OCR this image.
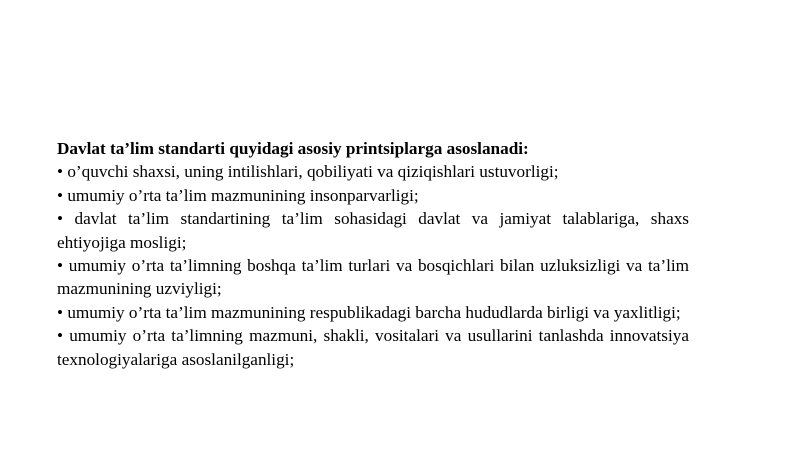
Davlat ta’lim standarti quyidagi asosiy printsiplarga asoslanadi:

• o’quvchi shaxsi, uning intilishlari, qobiliyati va qiziqishlari ustuvorligi;

• umumiy o’rta ta’lim mazmunining insonparvarligi;

• davlat ta’lim standartining ta’lim sohasidagi davlat va jamiyat talablariga, shaxs ehtiyojiga mosligi;

• umumiy o’rta ta’limning boshqa ta’lim turlari va bosqichlari bilan uzluksizligi va ta’lim mazmunining uzviyligi;

• umumiy o’rta ta’lim mazmunining respublikadagi barcha hududlarda birligi va yaxlitligi;

• umumiy o’rta ta’limning mazmuni, shakli, vositalari va usullarini tanlashda innovatsiya texnologiyalariga asoslanilganligi;
